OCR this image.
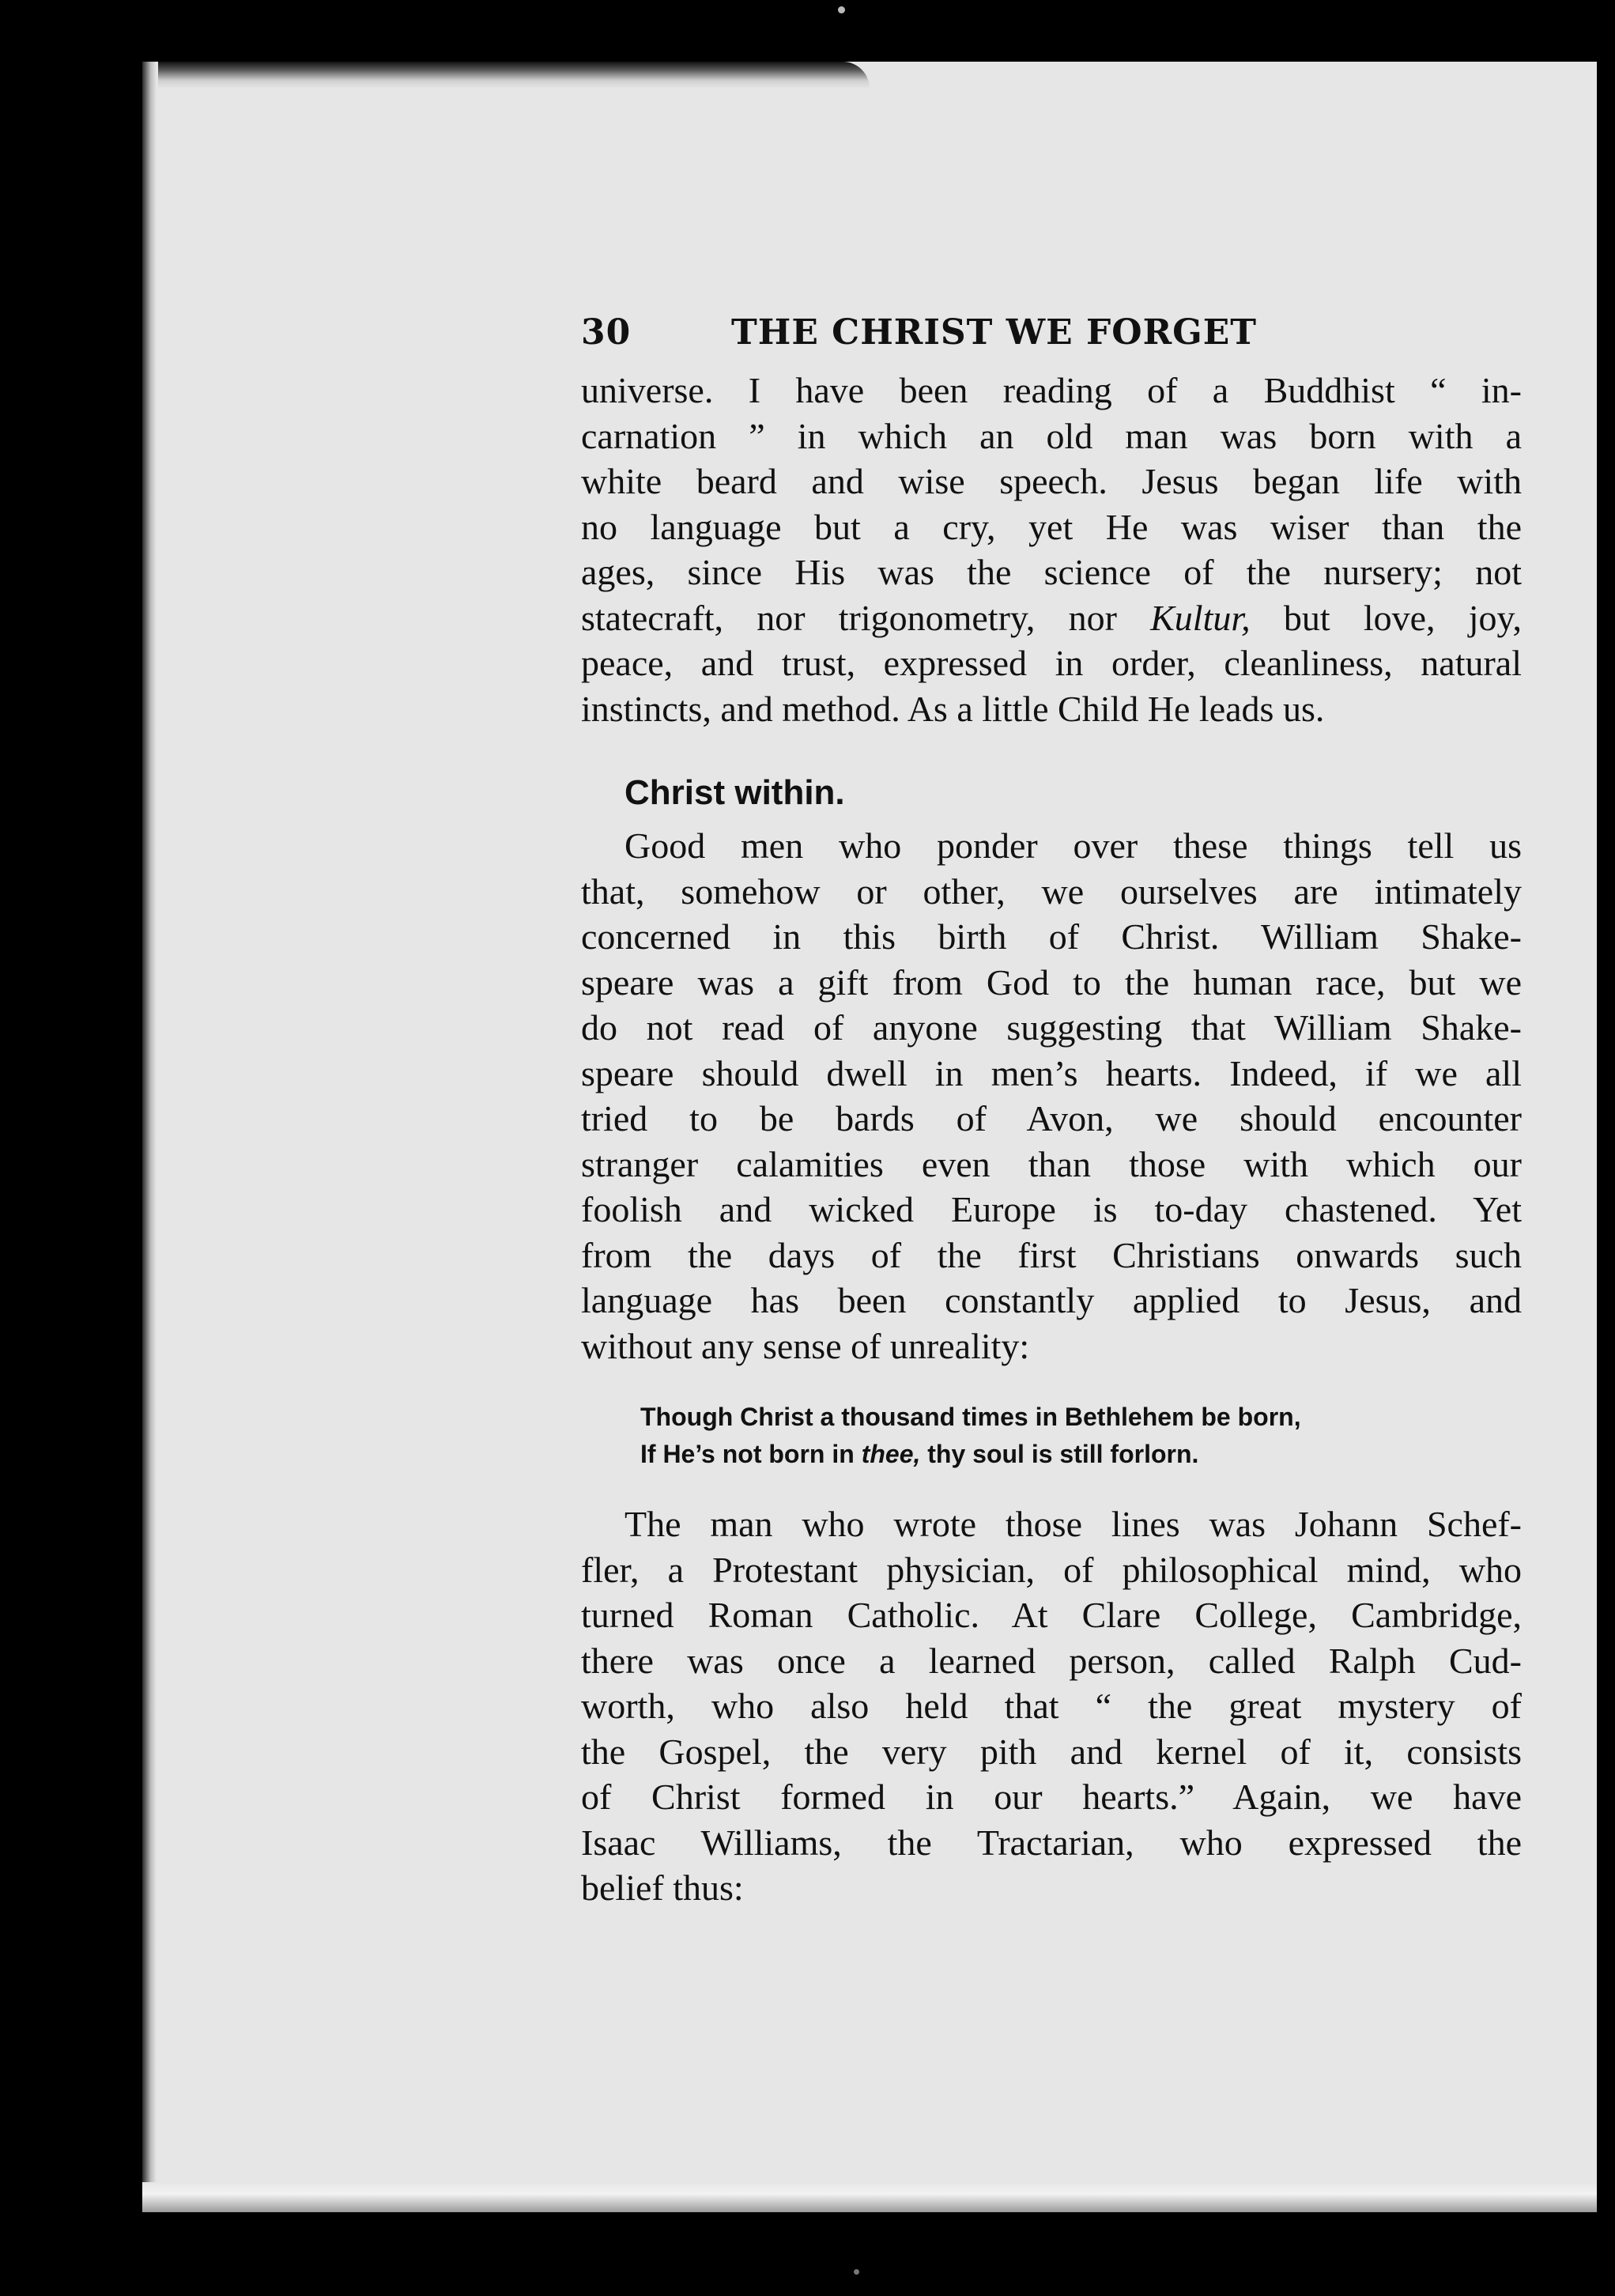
30	THE CHRIST WE FORGET

universe. I have been reading of a Buddhist “ in-
carnation ” in which an old man was born with a
white beard and wise speech. Jesus began life with
no language but a cry, yet He was wiser than the
ages, since His was the science of the nursery; not
statecraft, nor trigonometry, nor Kultur, but love, joy,
peace, and trust, expressed in order, cleanliness, natural
instincts, and method. As a little Child He leads us.

Christ within.

Good men who ponder over these things tell us
that, somehow or other, we ourselves are intimately
concerned in this birth of Christ. William Shake-
speare was a gift from God to the human race, but we
do not read of anyone suggesting that William Shake-
speare should dwell in men’s hearts. Indeed, if we all
tried to be bards of Avon, we should encounter
stranger calamities even than those with which our
foolish and wicked Europe is to-day chastened. Yet
from the days of the first Christians onwards such
language has been constantly applied to Jesus, and
without any sense of unreality:

Though Christ a thousand times in Bethlehem be born,
If He’s not born in thee, thy soul is still forlorn.

The man who wrote those lines was Johann Schef-
fler, a Protestant physician, of philosophical mind, who
turned Roman Catholic. At Clare College, Cambridge,
there was once a learned person, called Ralph Cud-
worth, who also held that “ the great mystery of
the Gospel, the very pith and kernel of it, consists
of Christ formed in our hearts.” Again, we have
Isaac Williams, the Tractarian, who expressed the
belief thus:
